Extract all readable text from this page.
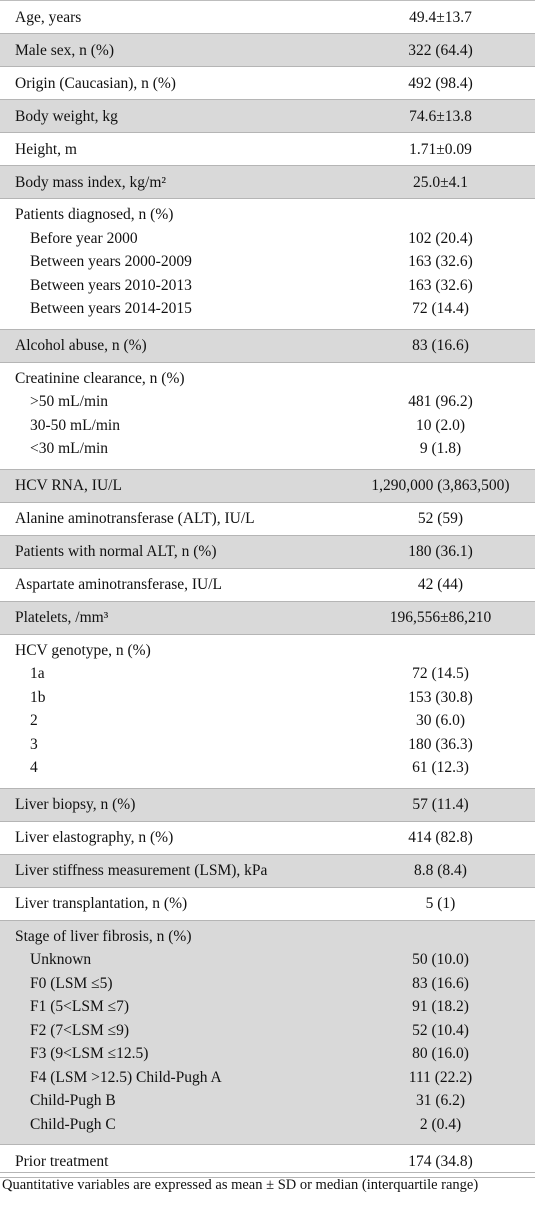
Age, years	49.4±13.7
Male sex, n (%)	322 (64.4)
Origin (Caucasian), n (%)	492 (98.4)
Body weight, kg	74.6±13.8
Height, m	1.71±0.09
Body mass index, kg/m²	25.0±4.1
Patients diagnosed, n (%)
Before year 2000	102 (20.4)
Between years 2000-2009	163 (32.6)
Between years 2010-2013	163 (32.6)
Between years 2014-2015	72 (14.4)
Alcohol abuse, n (%)	83 (16.6)
Creatinine clearance, n (%)
>50 mL/min	481 (96.2)
30-50 mL/min	10 (2.0)
<30 mL/min	9 (1.8)
HCV RNA, IU/L	1,290,000 (3,863,500)
Alanine aminotransferase (ALT), IU/L	52 (59)
Patients with normal ALT, n (%)	180 (36.1)
Aspartate aminotransferase, IU/L	42 (44)
Platelets, /mm³	196,556±86,210
HCV genotype, n (%)
1a	72 (14.5)
1b	153 (30.8)
2	30 (6.0)
3	180 (36.3)
4	61 (12.3)
Liver biopsy, n (%)	57 (11.4)
Liver elastography, n (%)	414 (82.8)
Liver stiffness measurement (LSM), kPa	8.8 (8.4)
Liver transplantation, n (%)	5 (1)
Stage of liver fibrosis, n (%)
Unknown	50 (10.0)
F0 (LSM ≤5)	83 (16.6)
F1 (5<LSM ≤7)	91 (18.2)
F2 (7<LSM ≤9)	52 (10.4)
F3 (9<LSM ≤12.5)	80 (16.0)
F4 (LSM >12.5) Child-Pugh A	111 (22.2)
Child-Pugh B	31 (6.2)
Child-Pugh C	2 (0.4)
Prior treatment	174 (34.8)
Quantitative variables are expressed as mean ± SD or median (interquartile range)
